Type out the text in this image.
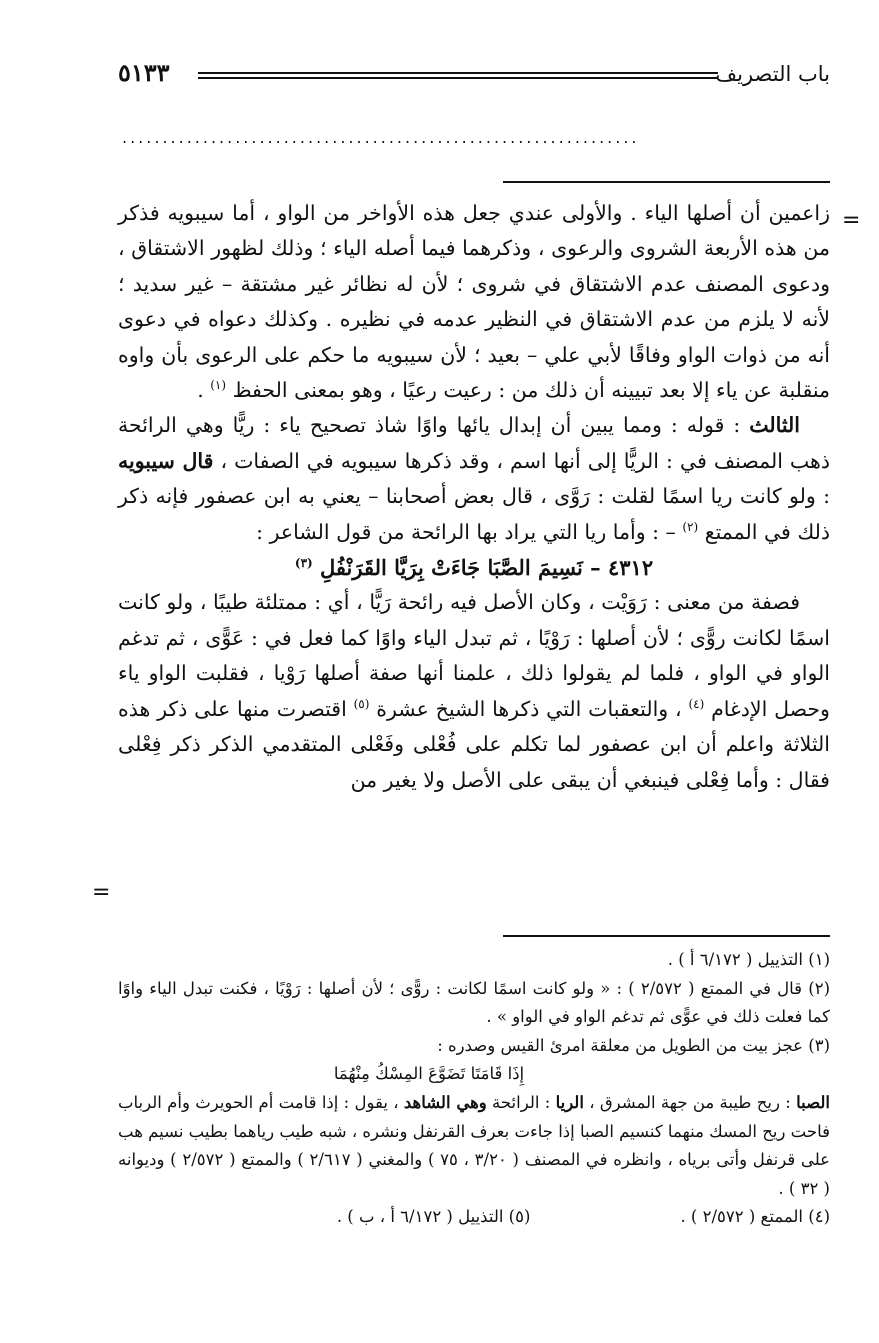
باب التصريف
٥١٣٣
................................................................
=
=

زاعمين أن أصلها الياء . والأولى عندي جعل هذه الأواخر من الواو ، أما سيبويه فذكر من هذه الأربعة الشروى والرعوى ، وذكرهما فيما أصله الياء ؛ وذلك لظهور الاشتقاق ، ودعوى المصنف عدم الاشتقاق في شروى ؛ لأن له نظائر غير مشتقة – غير سديد ؛ لأنه لا يلزم من عدم الاشتقاق في النظير عدمه في نظيره . وكذلك دعواه في دعوى أنه من ذوات الواو وفاقًا لأبي علي – بعيد ؛ لأن سيبويه ما حكم على الرعوى بأن واوه منقلبة عن ياء إلا بعد تبيينه أن ذلك من : رعيت رعيًا ، وهو بمعنى الحفظ $^{(١)}$ .

الثالث : قوله : ومما يبين أن إبدال يائها واوًا شاذ تصحيح ياء : ريًّا وهي الرائحة ذهب المصنف في : الريًّا إلى أنها اسم ، وقد ذكرها سيبويه في الصفات ، قال سيبويه : ولو كانت ريا اسمًا لقلت : رَوَّى ، قال بعض أصحابنا – يعني به ابن عصفور فإنه ذكر ذلك في الممتع $^{(٢)}$ – : وأما ريا التي يراد بها الرائحة من قول الشاعر :

٤٣١٢ – نَسِيمَ الصَّبَا جَاءَتْ بِرَيَّا القَرَنْفُلِ $^{(٣)}$

فصفة من معنى : رَوَيْت ، وكان الأصل فيه رائحة رَيًّا ، أي : ممتلئة طيبًا ، ولو كانت اسمًا لكانت روًّى ؛ لأن أصلها : رَوْيًا ، ثم تبدل الياء واوًا كما فعل في : عَوًّى ، ثم تدغم الواو في الواو ، فلما لم يقولوا ذلك ، علمنا أنها صفة أصلها رَوْيا ، فقلبت الواو ياء وحصل الإدغام $^{(٤)}$ ، والتعقبات التي ذكرها الشيخ عشرة $^{(٥)}$ اقتصرت منها على ذكر هذه الثلاثة واعلم أن ابن عصفور لما تكلم على فُعْلى وفَعْلى المتقدمي الذكر ذكر فِعْلى فقال : وأما فِعْلى فينبغي أن يبقى على الأصل ولا يغير من

(١) التذييل ( ٦/١٧٢ أ ) .

(٢) قال في الممتع ( ٢/٥٧٢ ) : « ولو كانت اسمًا لكانت : روًّى ؛ لأن أصلها : رَوْيًا ، فكنت تبدل الياء واوًا كما فعلت ذلك في عوًّى ثم تدغم الواو في الواو » .

(٣) عجز بيت من الطويل من معلقة امرئ القيس وصدره :

إِذَا قَامَتَا تَضَوَّعَ المِسْكُ مِنْهُمَا

الصبا : ريح طيبة من جهة المشرق ، الريا : الرائحة وهي الشاهد ، يقول : إذا قامت أم الحويرث وأم الرباب فاحت ريح المسك منهما كنسيم الصبا إذا جاءت بعرف القرنفل ونشره ، شبه طيب رياهما بطيب نسيم هب على قرنفل وأتى برياه ، وانظره في المصنف ( ٣/٢٠ ، ٧٥ ) والمغني ( ٢/٦١٧ ) والممتع ( ٢/٥٧٢ ) وديوانه ( ٣٢ ) .

(٤) الممتع ( ٢/٥٧٢ ) .
(٥) التذييل ( ٦/١٧٢ أ ، ب ) .
